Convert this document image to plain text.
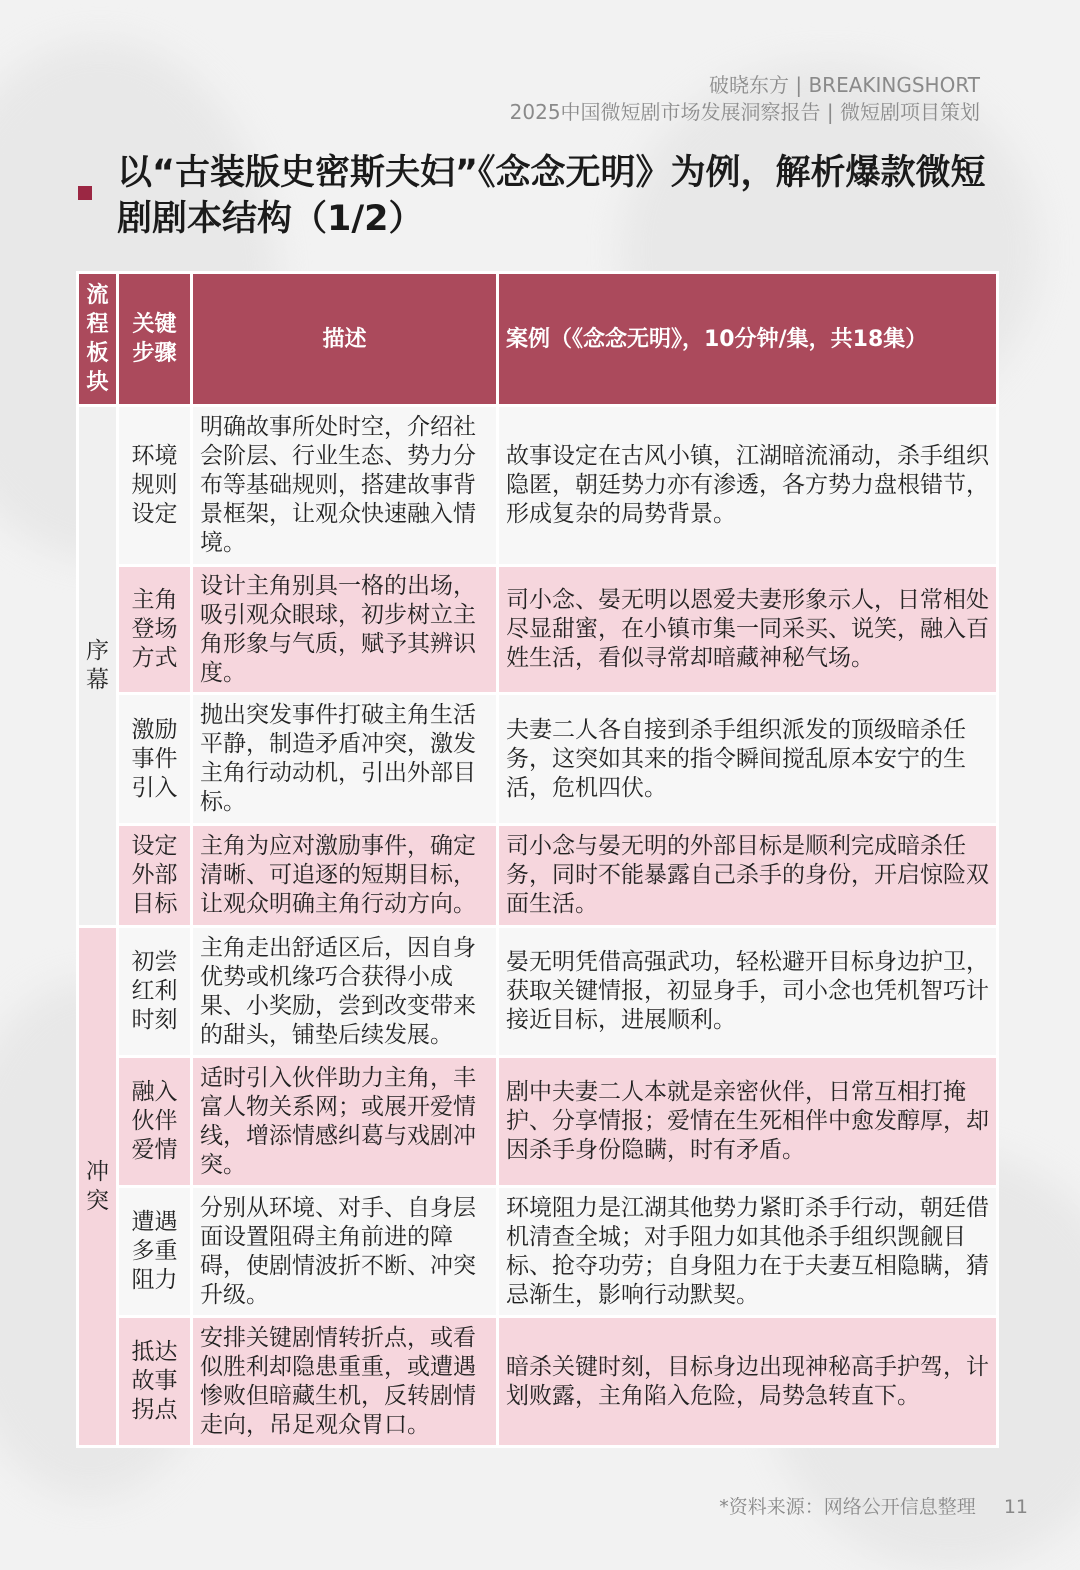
破晓东方 | BREAKINGSHORT
2025中国微短剧市场发展洞察报告 | 微短剧项目策划
以“古装版史密斯夫妇”《念念无明》为例，解析爆款微短剧剧本结构（1/2）
流程板块	关键步骤	描述	案例（《念念无明》，10分钟/集，共18集）
序幕	环境规则设定	明确故事所处时空，介绍社会阶层、行业生态、势力分布等基础规则，搭建故事背景框架，让观众快速融入情境。	故事设定在古风小镇，江湖暗流涌动，杀手组织隐匿，朝廷势力亦有渗透，各方势力盘根错节，形成复杂的局势背景。
	主角登场方式	设计主角别具一格的出场，吸引观众眼球，初步树立主角形象与气质，赋予其辨识度。	司小念、晏无明以恩爱夫妻形象示人，日常相处尽显甜蜜，在小镇市集一同采买、说笑，融入百姓生活，看似寻常却暗藏神秘气场。
	激励事件引入	抛出突发事件打破主角生活平静，制造矛盾冲突，激发主角行动动机，引出外部目标。	夫妻二人各自接到杀手组织派发的顶级暗杀任务，这突如其来的指令瞬间搅乱原本安宁的生活，危机四伏。
	设定外部目标	主角为应对激励事件，确定清晰、可追逐的短期目标，让观众明确主角行动方向。	司小念与晏无明的外部目标是顺利完成暗杀任务，同时不能暴露自己杀手的身份，开启惊险双面生活。
冲突	初尝红利时刻	主角走出舒适区后，因自身优势或机缘巧合获得小成果、小奖励，尝到改变带来的甜头，铺垫后续发展。	晏无明凭借高强武功，轻松避开目标身边护卫，获取关键情报，初显身手，司小念也凭机智巧计接近目标，进展顺利。
	融入伙伴爱情	适时引入伙伴助力主角，丰富人物关系网；或展开爱情线，增添情感纠葛与戏剧冲突。	剧中夫妻二人本就是亲密伙伴，日常互相打掩护、分享情报；爱情在生死相伴中愈发醇厚，却因杀手身份隐瞒，时有矛盾。
	遭遇多重阻力	分别从环境、对手、自身层面设置阻碍主角前进的障碍，使剧情波折不断、冲突升级。	环境阻力是江湖其他势力紧盯杀手行动，朝廷借机清查全城；对手阻力如其他杀手组织觊觎目标、抢夺功劳；自身阻力在于夫妻互相隐瞒，猜忌渐生，影响行动默契。
	抵达故事拐点	安排关键剧情转折点，或看似胜利却隐患重重，或遭遇惨败但暗藏生机，反转剧情走向，吊足观众胃口。	暗杀关键时刻，目标身边出现神秘高手护驾，计划败露，主角陷入危险，局势急转直下。
*资料来源：网络公开信息整理 11
